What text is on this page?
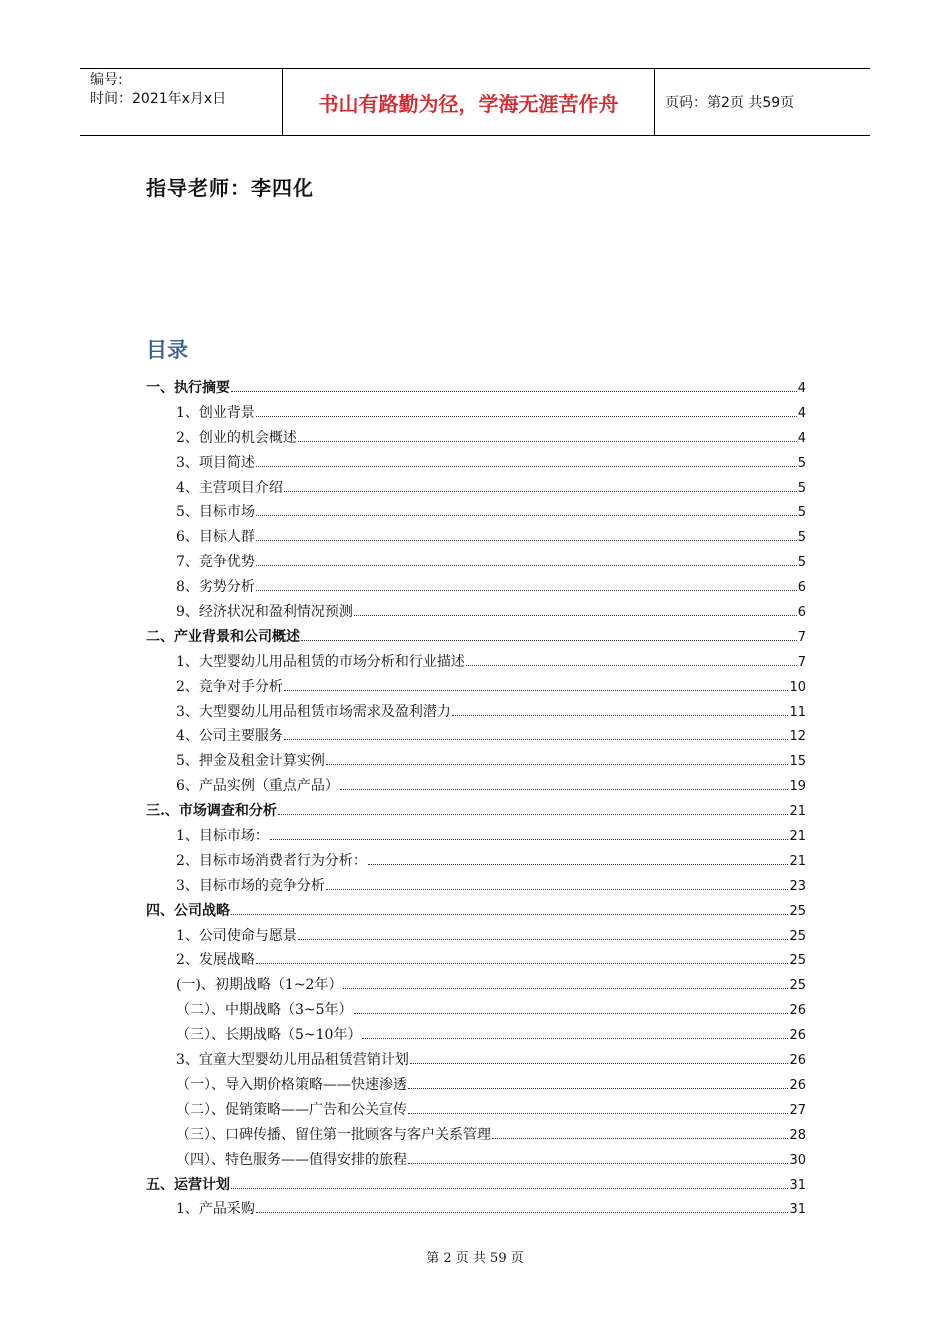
编号:
时间：2021年x月x日	书山有路勤为径，学海无涯苦作舟	页码：第2页 共59页
指导老师：李四化
目录
一、执行摘要	4
1、创业背景	4
2、创业的机会概述	4
3、项目简述	5
4、主营项目介绍	5
5、目标市场	5
6、目标人群	5
7、竞争优势	5
8、劣势分析	6
9、经济状况和盈利情况预测	6
二、产业背景和公司概述	7
1、大型婴幼儿用品租赁的市场分析和行业描述	7
2、竞争对手分析	10
3、大型婴幼儿用品租赁市场需求及盈利潜力	11
4、公司主要服务	12
5、押金及租金计算实例	15
6、产品实例（重点产品）	19
三.、市场调查和分析	21
1、目标市场：	21
2、目标市场消费者行为分析：	21
3、目标市场的竞争分析	23
四、公司战略	25
1、公司使命与愿景	25
2、发展战略	25
(一)、初期战略（1~2年）	25
（二）、中期战略（3~5年）	26
（三）、长期战略（5~10年）	26
3、宜童大型婴幼儿用品租赁营销计划	26
（一）、导入期价格策略——快速渗透	26
（二）、促销策略——广告和公关宣传	27
（三）、口碑传播、留住第一批顾客与客户关系管理	28
（四）、特色服务——值得安排的旅程	30
五、运营计划	31
1、产品采购	31
第 2 页 共 59 页
